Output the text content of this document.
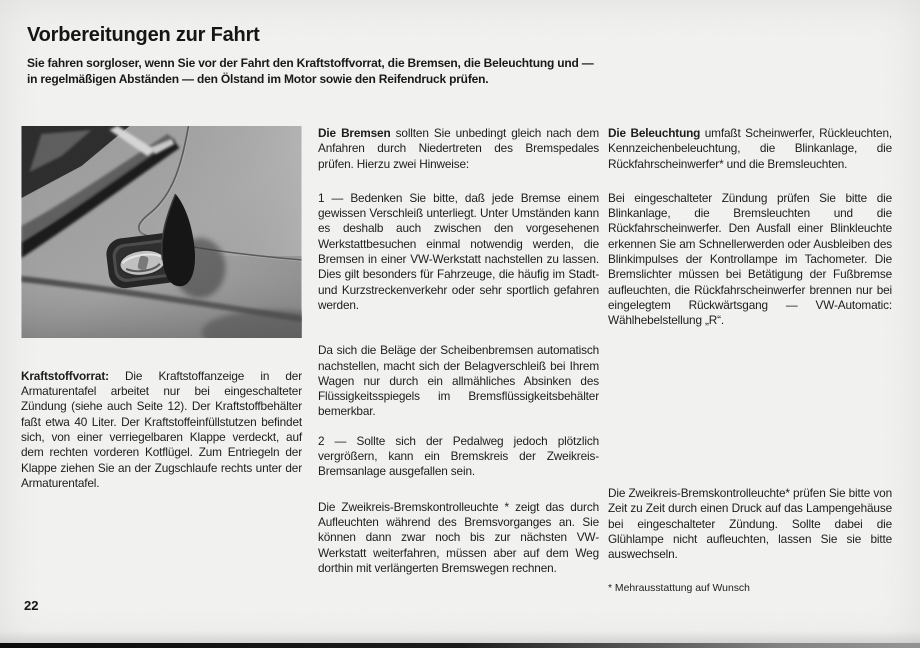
Vorbereitungen zur Fahrt

Sie fahren sorgloser, wenn Sie vor der Fahrt den Kraftstoffvorrat, die Bremsen, die Beleuchtung und — in regelmäßigen Abständen — den Ölstand im Motor sowie den Reifendruck prüfen.

Kraftstoffvorrat: Die Kraftstoffanzeige in der Armaturentafel arbeitet nur bei eingeschalteter Zündung (siehe auch Seite 12). Der Kraftstoffbehälter faßt etwa 40 Liter. Der Kraftstoffeinfüllstutzen befindet sich, von einer verriegelbaren Klappe verdeckt, auf dem rechten vorderen Kotflügel. Zum Entriegeln der Klappe ziehen Sie an der Zugschlaufe rechts unter der Armaturentafel.

Die Bremsen sollten Sie unbedingt gleich nach dem Anfahren durch Niedertreten des Bremspedales prüfen. Hierzu zwei Hinweise:

1 — Bedenken Sie bitte, daß jede Bremse einem gewissen Verschleiß unterliegt. Unter Umständen kann es deshalb auch zwischen den vorgesehenen Werkstattbesuchen einmal notwendig werden, die Bremsen in einer VW-Werkstatt nachstellen zu lassen. Dies gilt besonders für Fahrzeuge, die häufig im Stadt- und Kurzstreckenverkehr oder sehr sportlich gefahren werden.

Da sich die Beläge der Scheibenbremsen automatisch nachstellen, macht sich der Belagverschleiß bei Ihrem Wagen nur durch ein allmähliches Absinken des Flüssigkeitsspiegels im Bremsflüssigkeitsbehälter bemerkbar.

2 — Sollte sich der Pedalweg jedoch plötzlich vergrößern, kann ein Bremskreis der Zweikreis-Bremsanlage ausgefallen sein.

Die Zweikreis-Bremskontrolleuchte * zeigt das durch Aufleuchten während des Bremsvorganges an. Sie können dann zwar noch bis zur nächsten VW-Werkstatt weiterfahren, müssen aber auf dem Weg dorthin mit verlängerten Bremswegen rechnen.

Die Beleuchtung umfaßt Scheinwerfer, Rückleuchten, Kennzeichenbeleuchtung, die Blinkanlage, die Rückfahrscheinwerfer* und die Bremsleuchten.

Bei eingeschalteter Zündung prüfen Sie bitte die Blinkanlage, die Bremsleuchten und die Rückfahrscheinwerfer. Den Ausfall einer Blinkleuchte erkennen Sie am Schnellerwerden oder Ausbleiben des Blinkimpulses der Kontrollampe im Tachometer. Die Bremslichter müssen bei Betätigung der Fußbremse aufleuchten, die Rückfahrscheinwerfer brennen nur bei eingelegtem Rückwärtsgang — VW-Automatic: Wählhebelstellung „R“.

Die Zweikreis-Bremskontrolleuchte* prüfen Sie bitte von Zeit zu Zeit durch einen Druck auf das Lampengehäuse bei eingeschalteter Zündung. Sollte dabei die Glühlampe nicht aufleuchten, lassen Sie sie bitte auswechseln.

* Mehrausstattung auf Wunsch

22
